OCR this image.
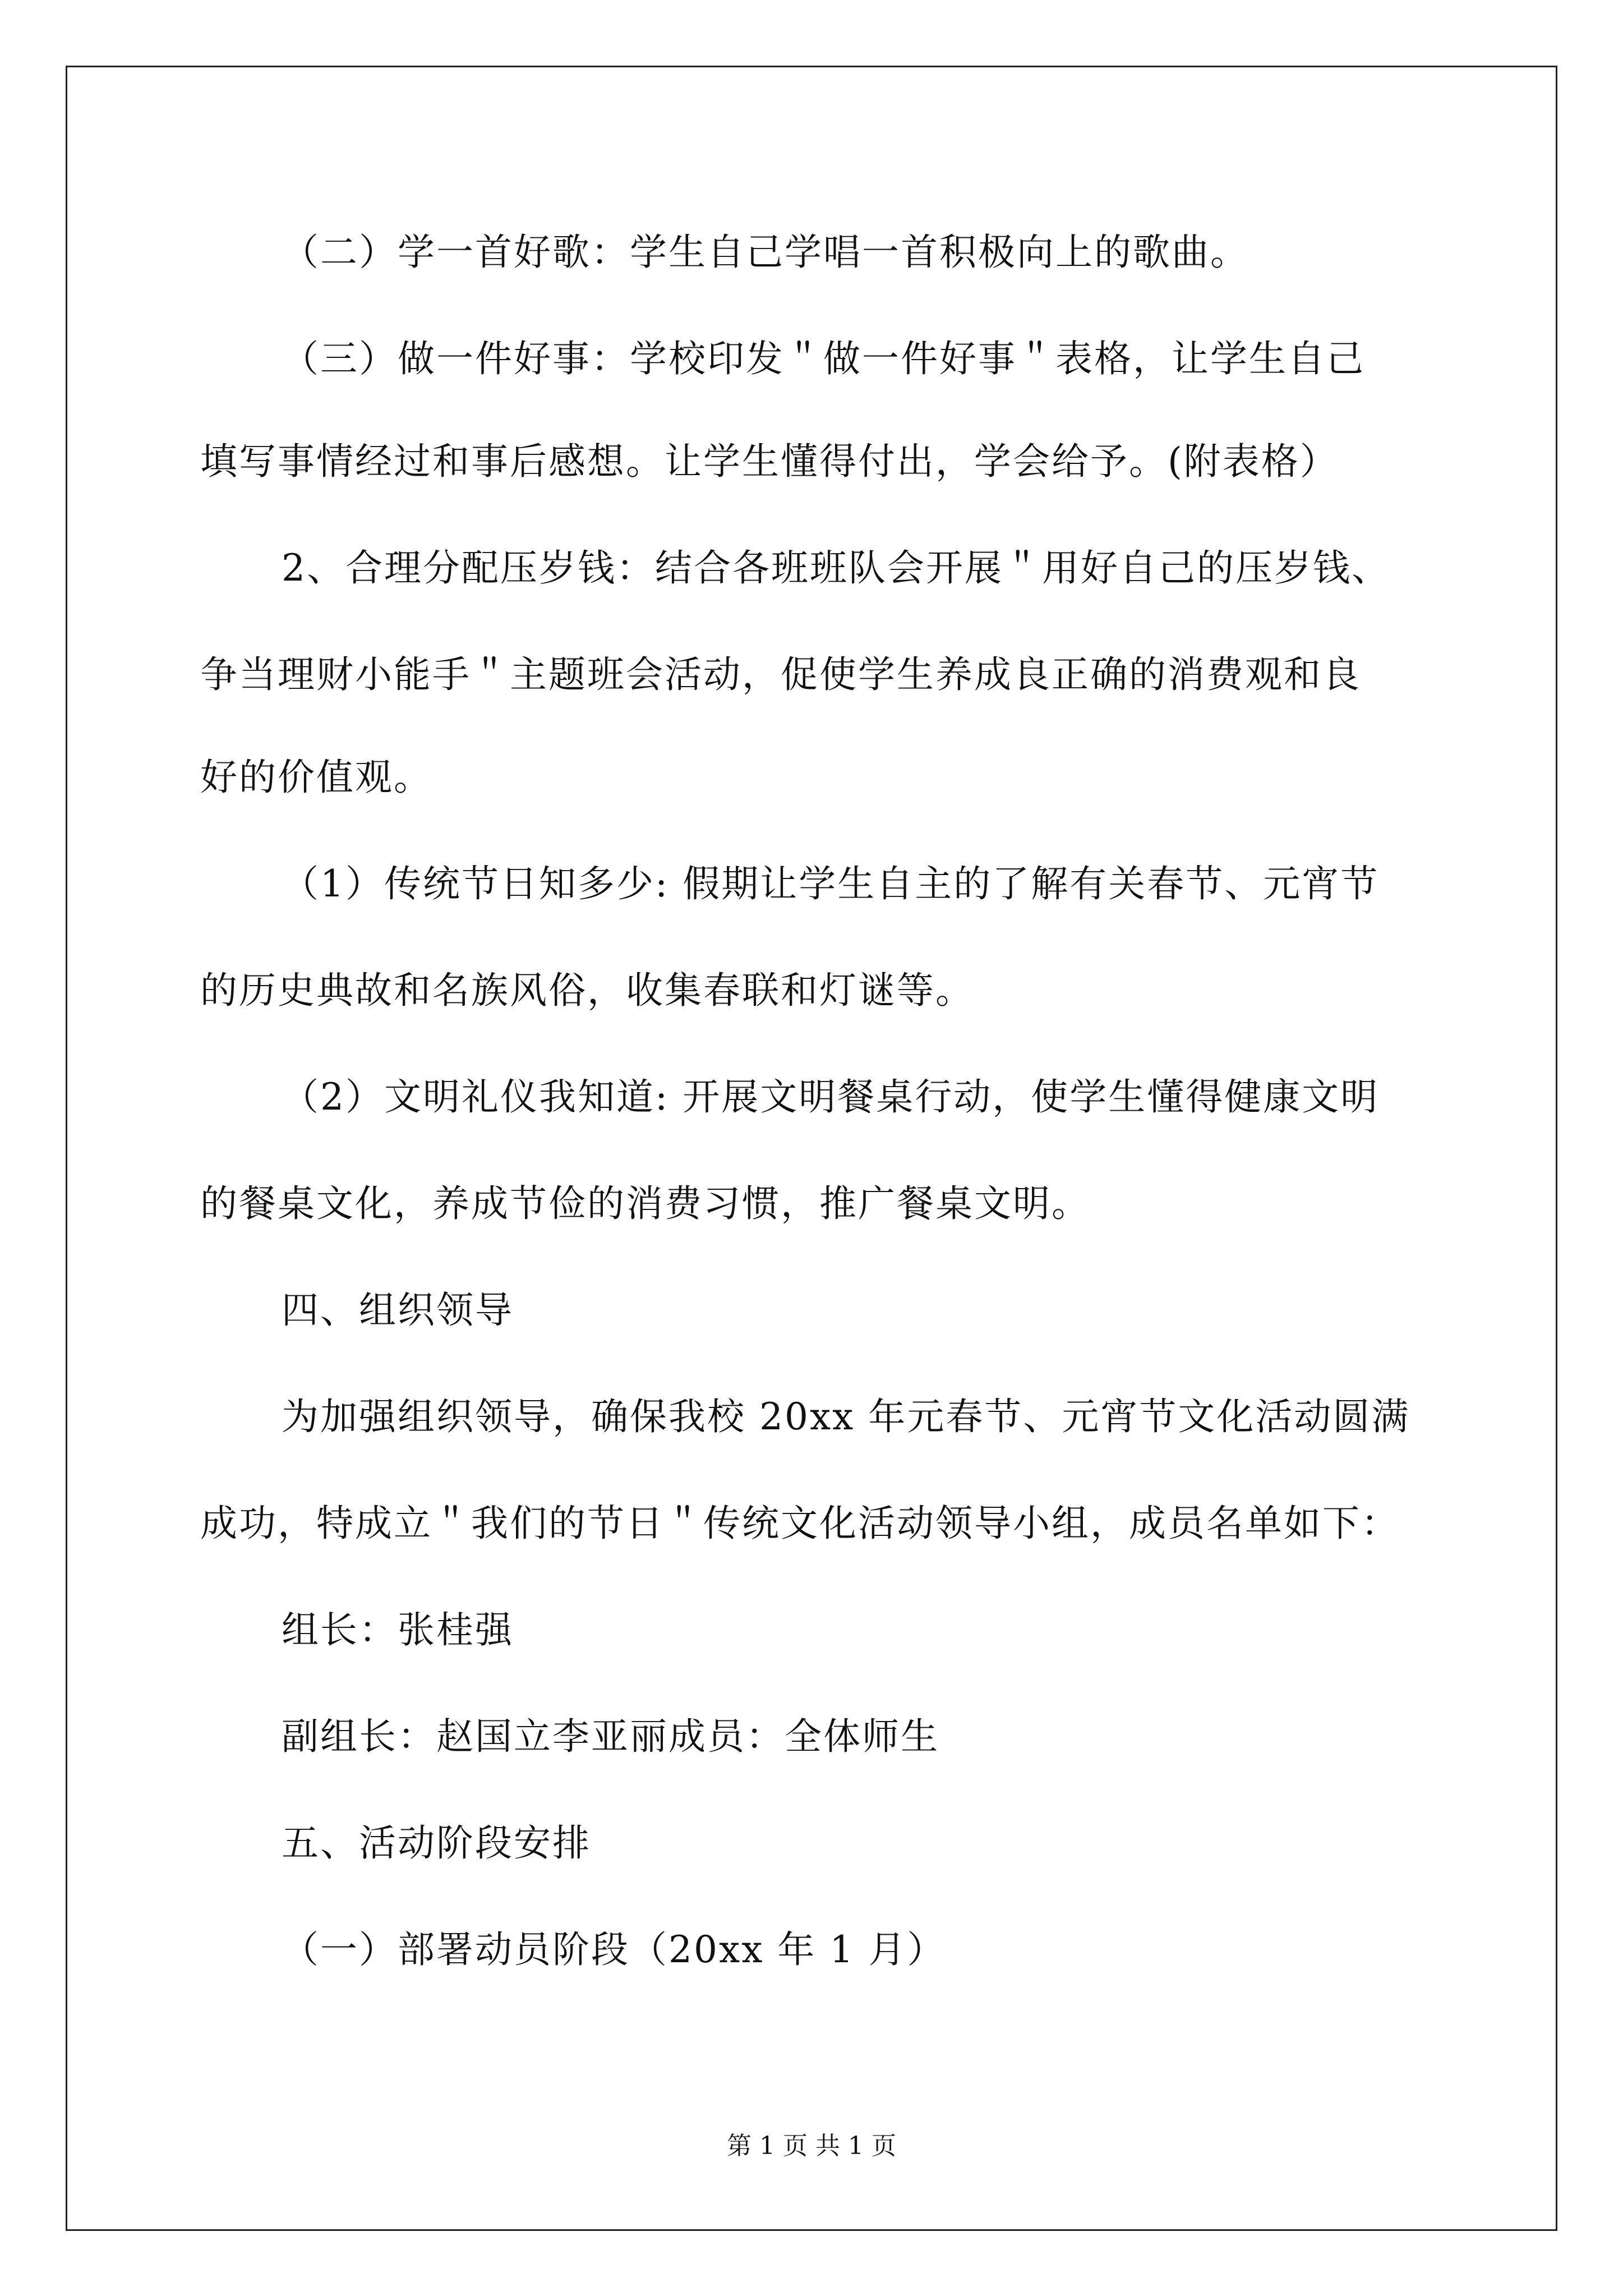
（二）学一首好歌：学生自己学唱一首积极向上的歌曲。
（三）做一件好事：学校印发＂做一件好事＂表格，让学生自己
填写事情经过和事后感想。让学生懂得付出，学会给予。(附表格）
2、合理分配压岁钱：结合各班班队会开展＂用好自己的压岁钱、
争当理财小能手＂主题班会活动，促使学生养成良正确的消费观和良
好的价值观。
（1）传统节日知多少: 假期让学生自主的了解有关春节、元宵节
的历史典故和名族风俗，收集春联和灯谜等。
（2）文明礼仪我知道: 开展文明餐桌行动，使学生懂得健康文明
的餐桌文化，养成节俭的消费习惯，推广餐桌文明。
四、组织领导
为加强组织领导，确保我校 20xx 年元春节、元宵节文化活动圆满
成功，特成立＂我们的节日＂传统文化活动领导小组，成员名单如下：
组长：张桂强
副组长：赵国立李亚丽成员：全体师生
五、活动阶段安排
（一）部署动员阶段（20xx 年 1 月）
第 1 页 共 1 页
